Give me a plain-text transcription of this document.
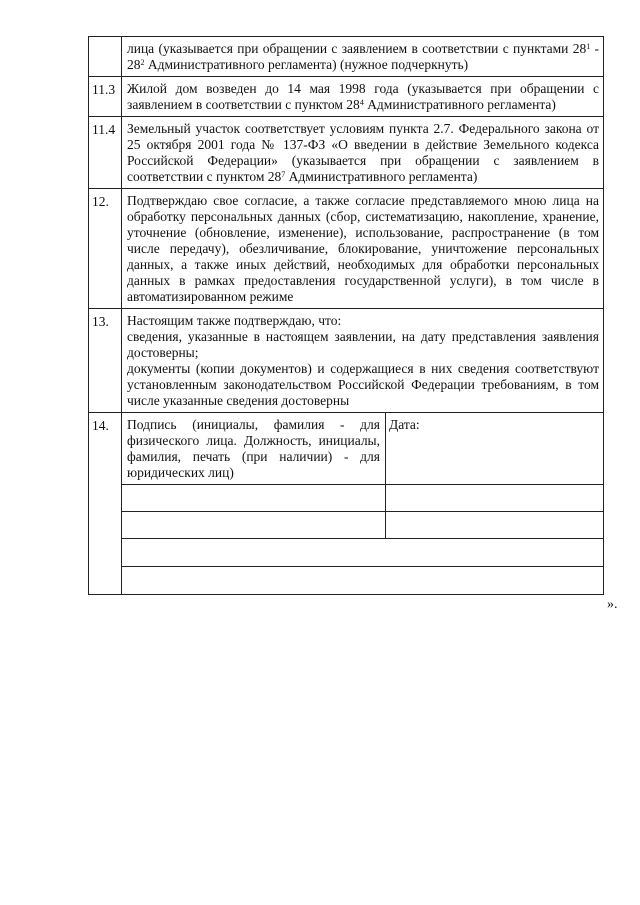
лица (указывается при обращении с заявлением в соответствии с пунктами $28^1 - 28^2$ Административного регламента) (нужное подчеркнуть)

11.3	Жилой дом возведен до 14 мая 1998 года (указывается при обращении с заявлением в соответствии с пунктом $28^4$ Административного регламента)

11.4	Земельный участок соответствует условиям пункта 2.7. Федерального закона от 25 октября 2001 года № 137-ФЗ «О введении в действие Земельного кодекса Российской Федерации» (указывается при обращении с заявлением в соответствии с пунктом $28^7$ Административного регламента)

12.	Подтверждаю свое согласие, а также согласие представляемого мною лица на обработку персональных данных (сбор, систематизацию, накопление, хранение, уточнение (обновление, изменение), использование, распространение (в том числе передачу), обезличивание, блокирование, уничтожение персональных данных, а также иных действий, необходимых для обработки персональных данных в рамках предоставления государственной услуги), в том числе в автоматизированном режиме

13.	Настоящим также подтверждаю, что:

сведения, указанные в настоящем заявлении, на дату представления заявления достоверны;

документы (копии документов) и содержащиеся в них сведения соответствуют установленным законодательством Российской Федерации требованиям, в том числе указанные сведения достоверны

14.	Подпись (инициалы, фамилия - для физического лица. Должность, инициалы, фамилия, печать (при наличии) - для юридических лиц)	Дата:

».
